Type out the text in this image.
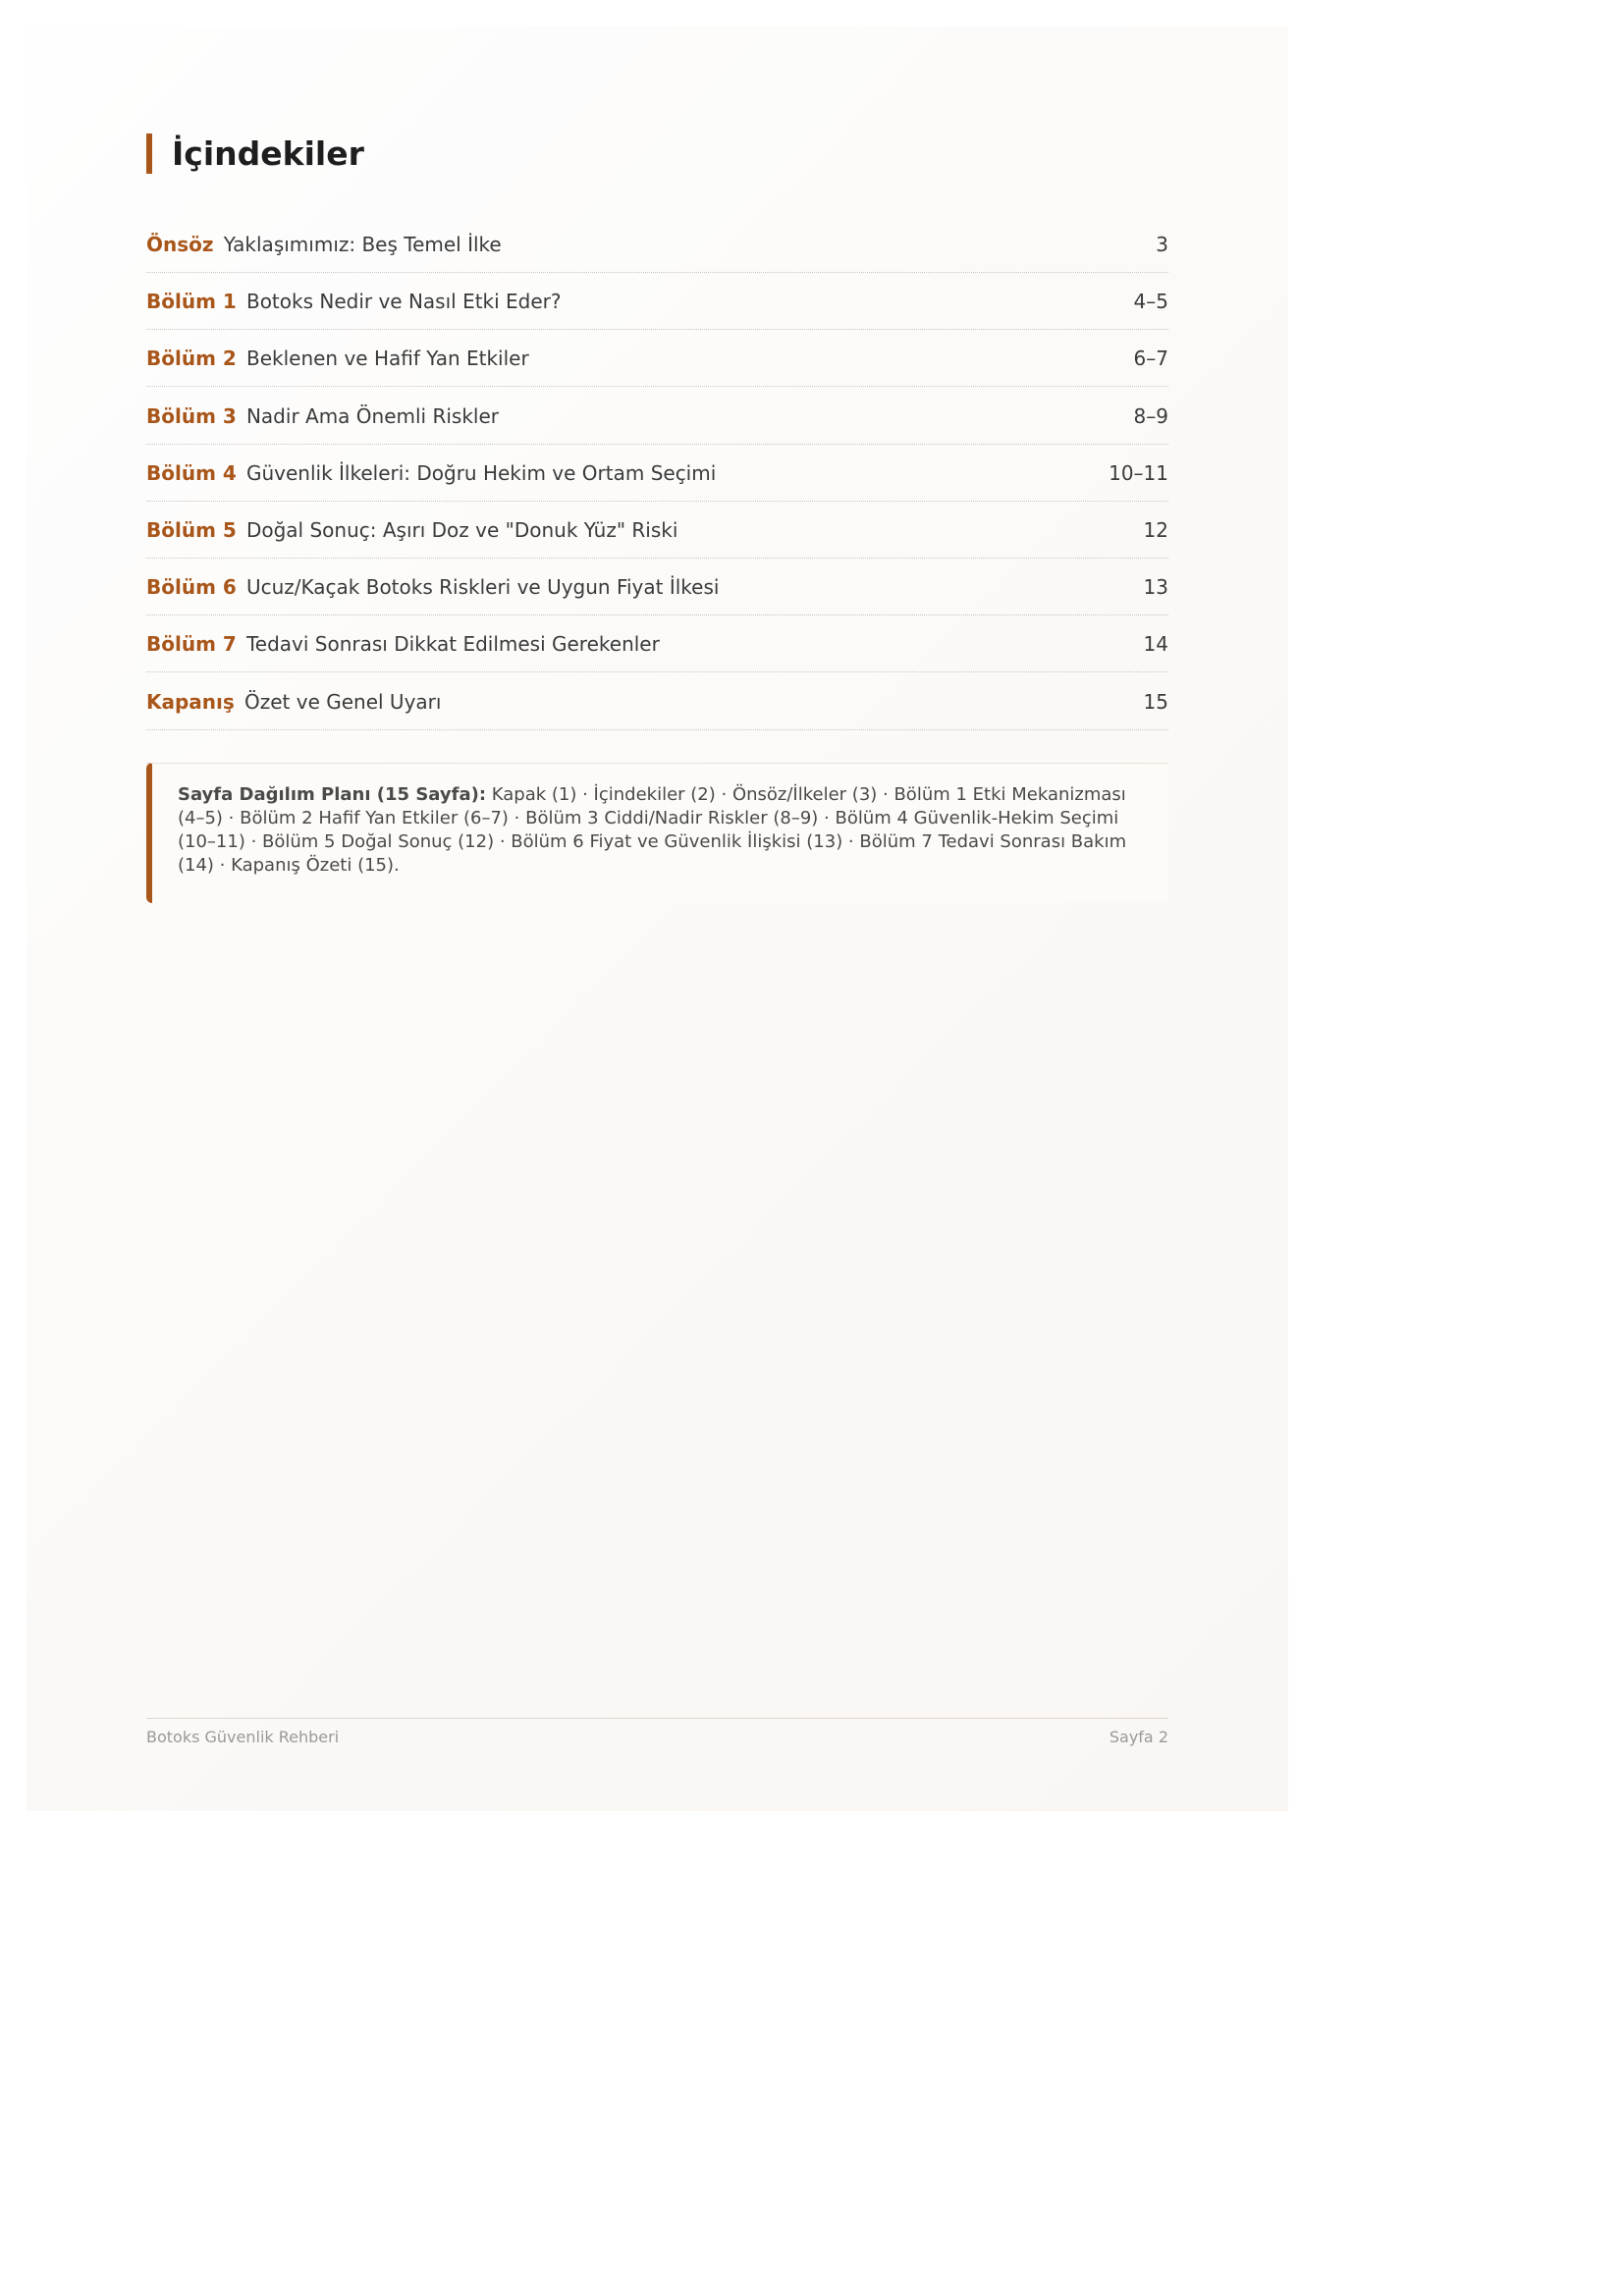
İçindekiler
Önsöz Yaklaşımımız: Beş Temel İlke	3
Bölüm 1 Botoks Nedir ve Nasıl Etki Eder?	4–5
Bölüm 2 Beklenen ve Hafif Yan Etkiler	6–7
Bölüm 3 Nadir Ama Önemli Riskler	8–9
Bölüm 4 Güvenlik İlkeleri: Doğru Hekim ve Ortam Seçimi	10–11
Bölüm 5 Doğal Sonuç: Aşırı Doz ve "Donuk Yüz" Riski	12
Bölüm 6 Ucuz/Kaçak Botoks Riskleri ve Uygun Fiyat İlkesi	13
Bölüm 7 Tedavi Sonrası Dikkat Edilmesi Gerekenler	14
Kapanış Özet ve Genel Uyarı	15
Sayfa Dağılım Planı (15 Sayfa): Kapak (1) · İçindekiler (2) · Önsöz/İlkeler (3) · Bölüm 1 Etki Mekanizması (4–5) · Bölüm 2 Hafif Yan Etkiler (6–7) · Bölüm 3 Ciddi/Nadir Riskler (8–9) · Bölüm 4 Güvenlik-Hekim Seçimi (10–11) · Bölüm 5 Doğal Sonuç (12) · Bölüm 6 Fiyat ve Güvenlik İlişkisi (13) · Bölüm 7 Tedavi Sonrası Bakım (14) · Kapanış Özeti (15).
Botoks Güvenlik Rehberi	Sayfa 2
